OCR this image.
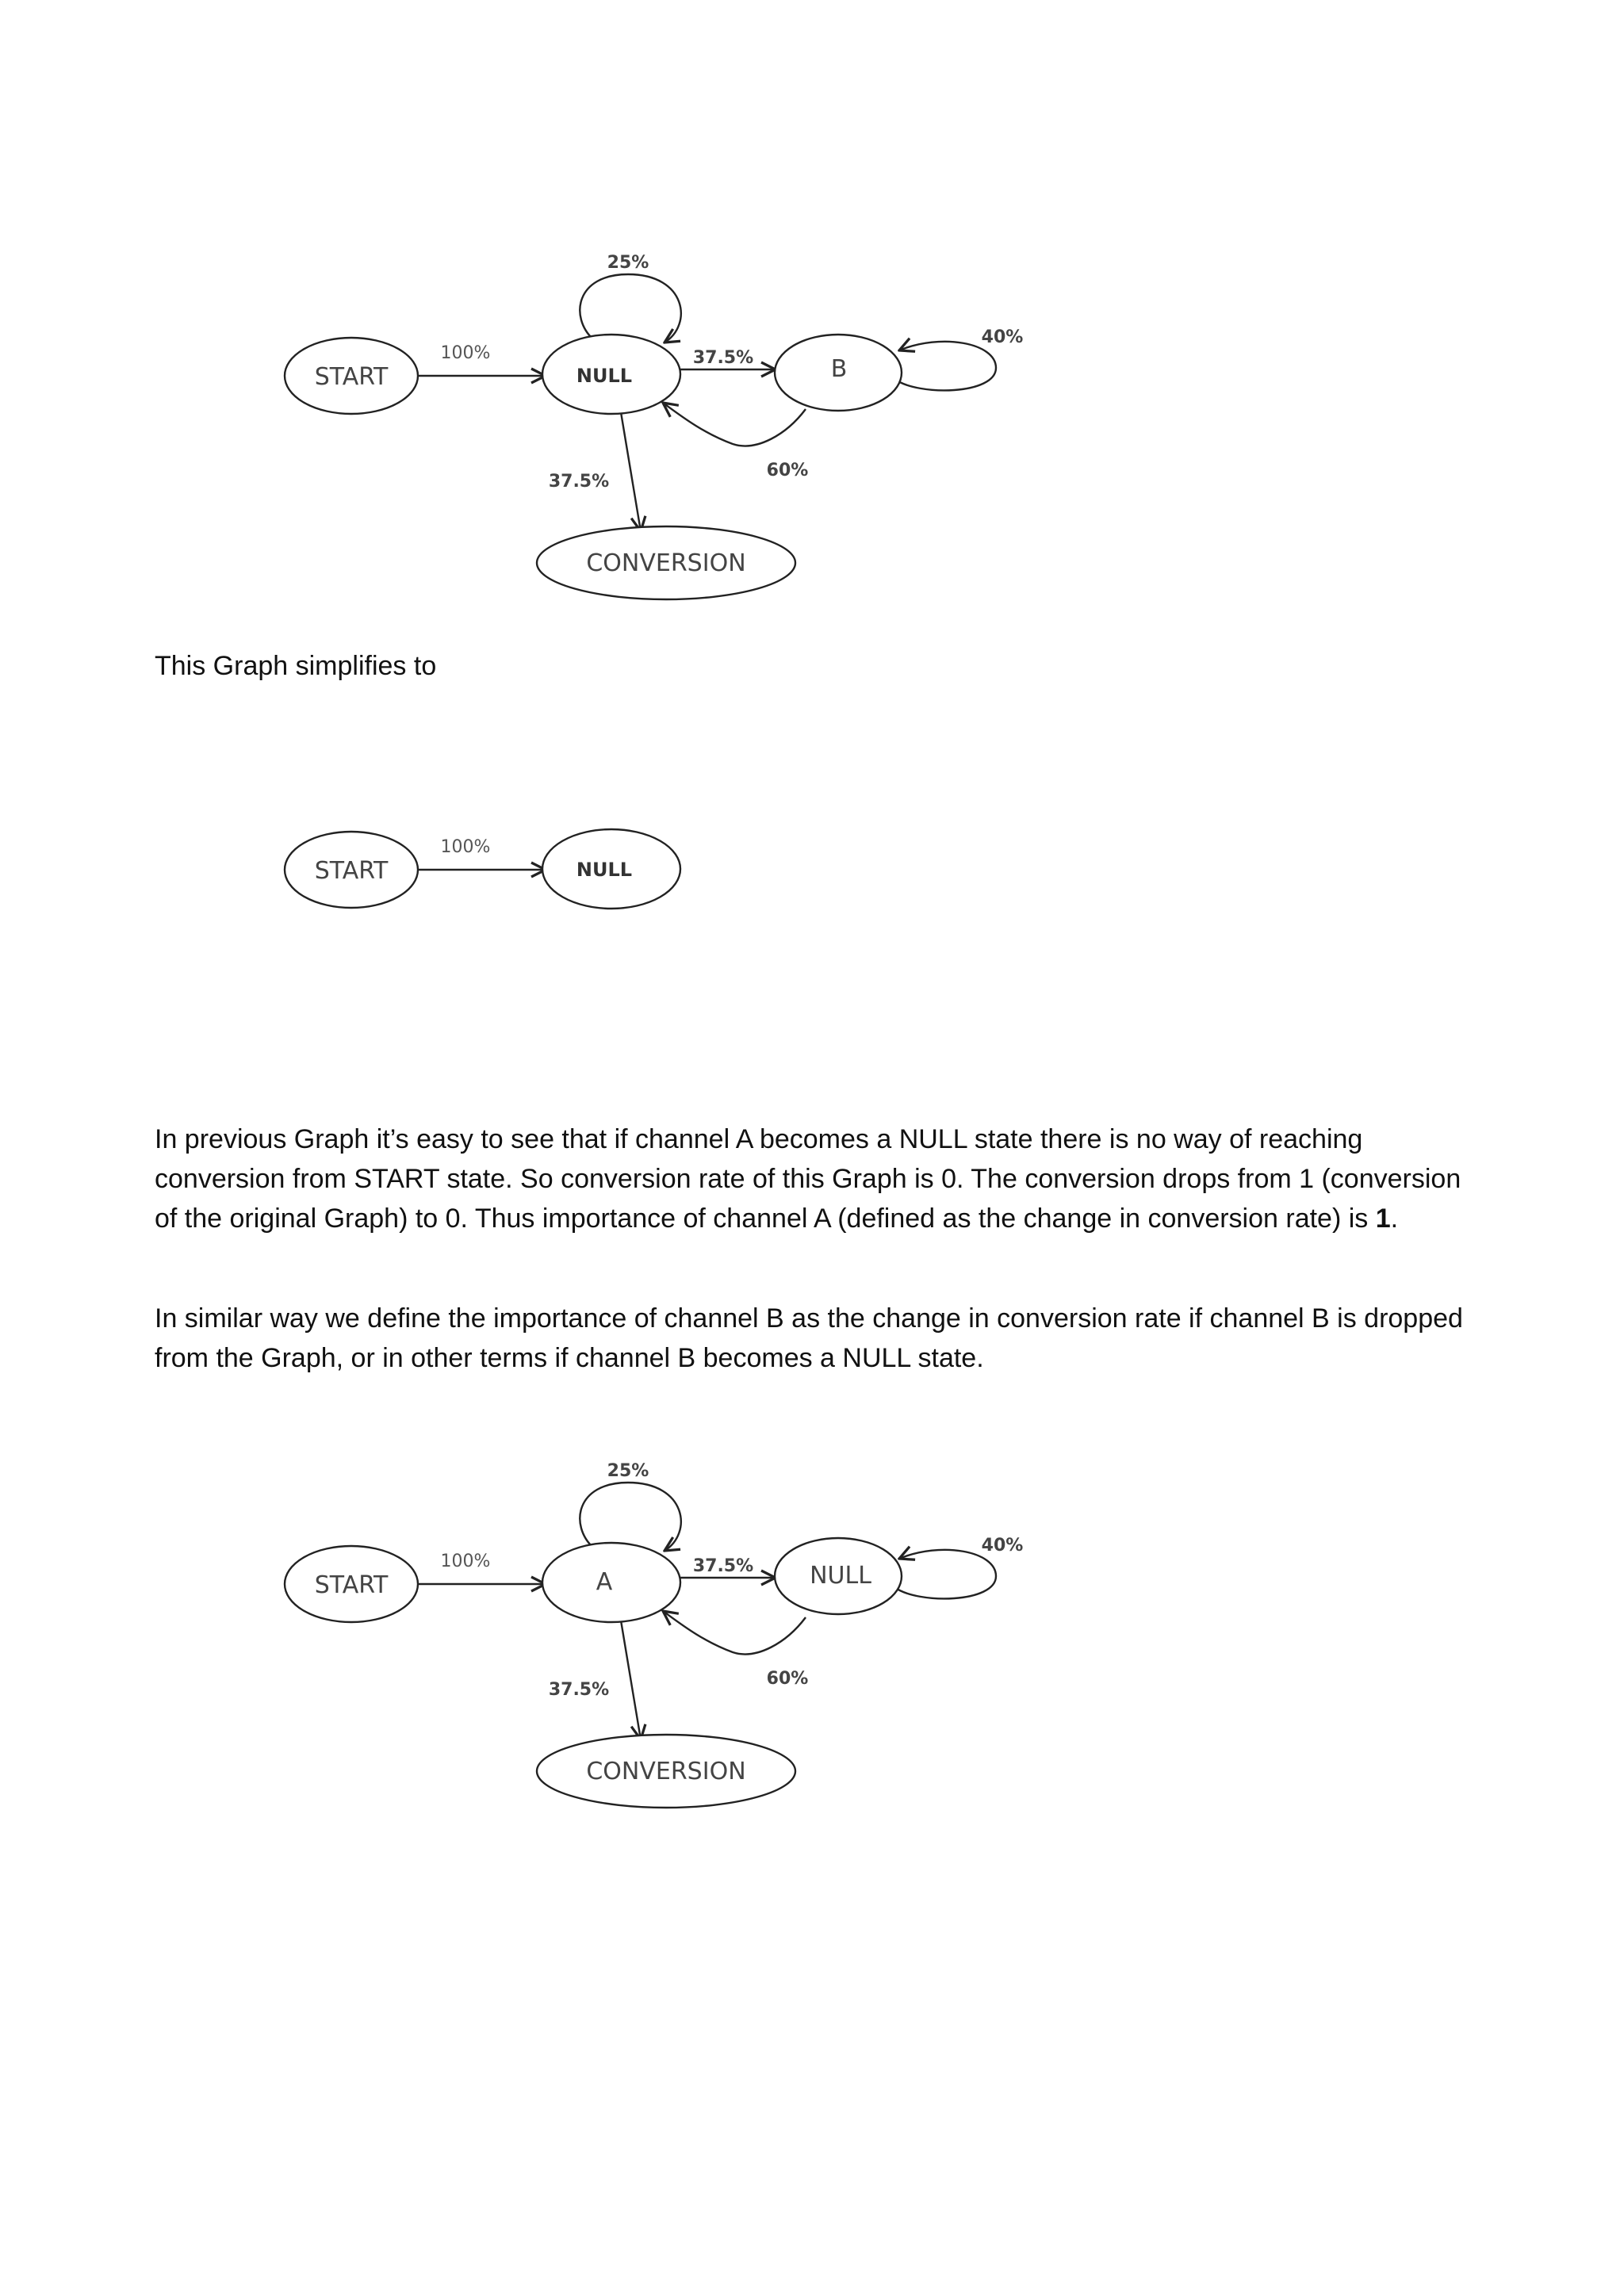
START	NULL	B
CONVERSION
100%
25%
37.5%
40%
60%
37.5%

This Graph simplifies to

START	NULL
100%

In previous Graph it’s easy to see that if channel A becomes a NULL state there is no way of reaching conversion from START state. So conversion rate of this Graph is 0. The conversion drops from 1 (conversion of the original Graph) to 0. Thus importance of channel A (defined as the change in conversion rate) is 1.

In similar way we define the importance of channel B as the change in conversion rate if channel B is dropped from the Graph, or in other terms if channel B becomes a NULL state.

START	A	NULL
CONVERSION
100%
25%
37.5%
40%
60%
37.5%
